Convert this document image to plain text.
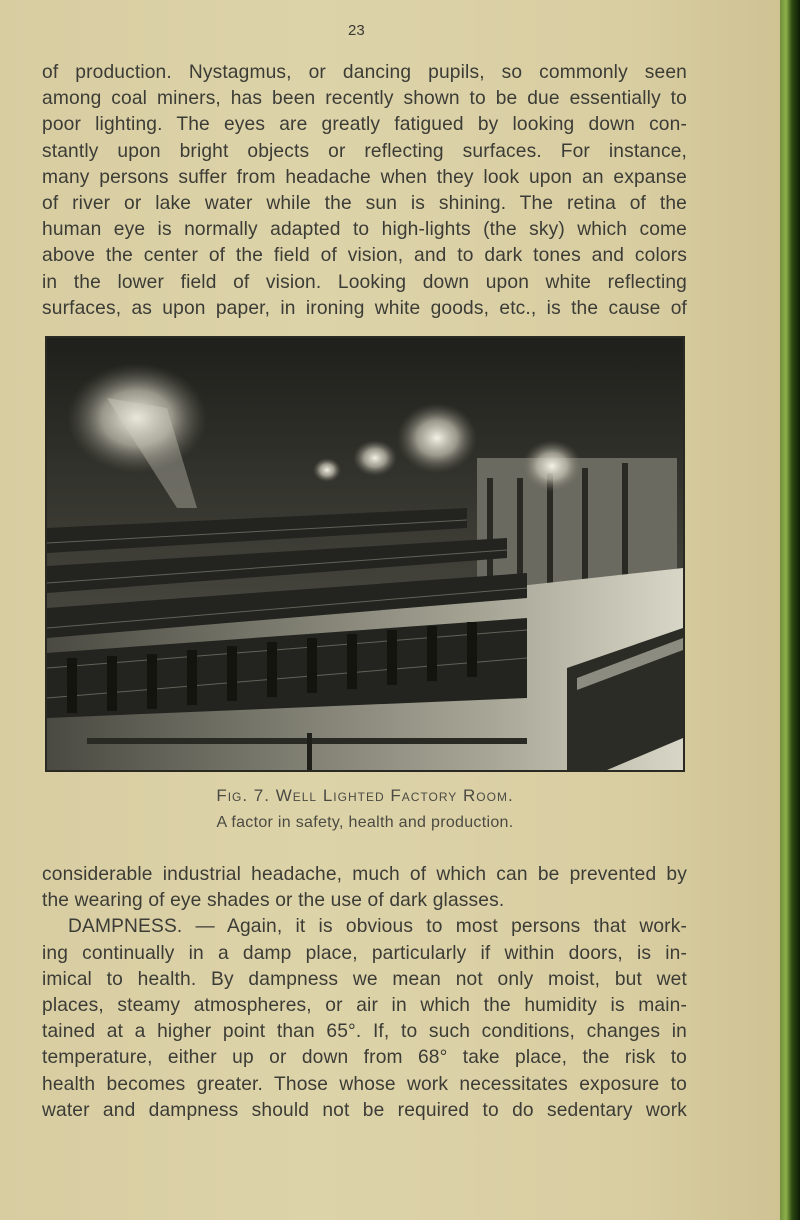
23
of production. Nystagmus, or dancing pupils, so commonly seen
among coal miners, has been recently shown to be due essentially to
poor lighting. The eyes are greatly fatigued by looking down con-
stantly upon bright objects or reflecting surfaces. For instance,
many persons suffer from headache when they look upon an expanse
of river or lake water while the sun is shining. The retina of the
human eye is normally adapted to high-lights (the sky) which come
above the center of the field of vision, and to dark tones and colors
in the lower field of vision. Looking down upon white reflecting
surfaces, as upon paper, in ironing white goods, etc., is the cause of
Fig. 7. Well Lighted Factory Room.
A factor in safety, health and production.
considerable industrial headache, much of which can be prevented by
the wearing of eye shades or the use of dark glasses.
DAMPNESS. — Again, it is obvious to most persons that work-
ing continually in a damp place, particularly if within doors, is in-
imical to health. By dampness we mean not only moist, but wet
places, steamy atmospheres, or air in which the humidity is main-
tained at a higher point than 65°. If, to such conditions, changes in
temperature, either up or down from 68° take place, the risk to
health becomes greater. Those whose work necessitates exposure to
water and dampness should not be required to do sedentary work
